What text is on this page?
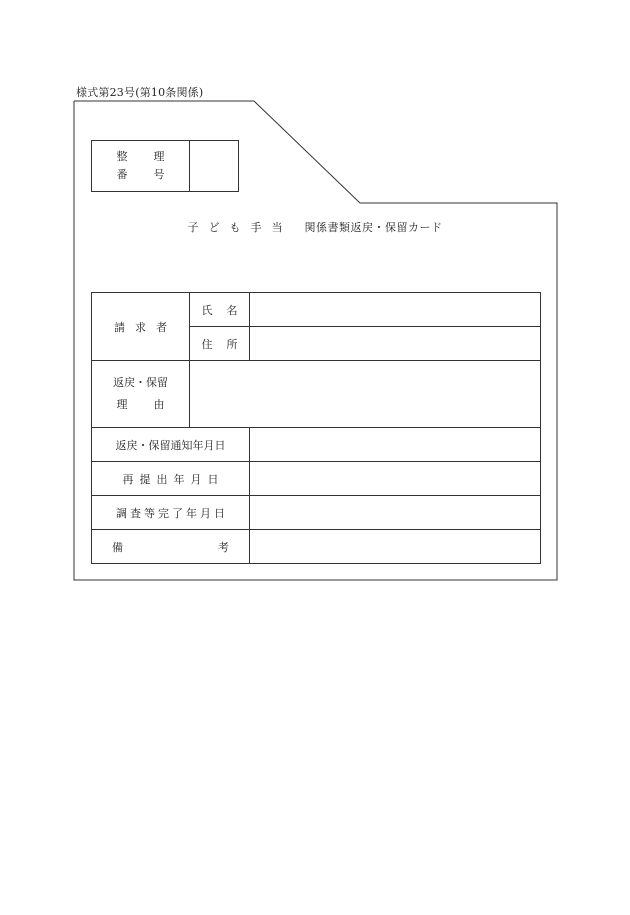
様式第23号(第10条関係)
整理
番号

子ども手当 関係書類返戻・保留カード
請求者	氏名	
	住所	
返戻・保留
理由		

返戻・保留通知年月日		
再提出年月日		
調査等完了年月日		

備 考		
